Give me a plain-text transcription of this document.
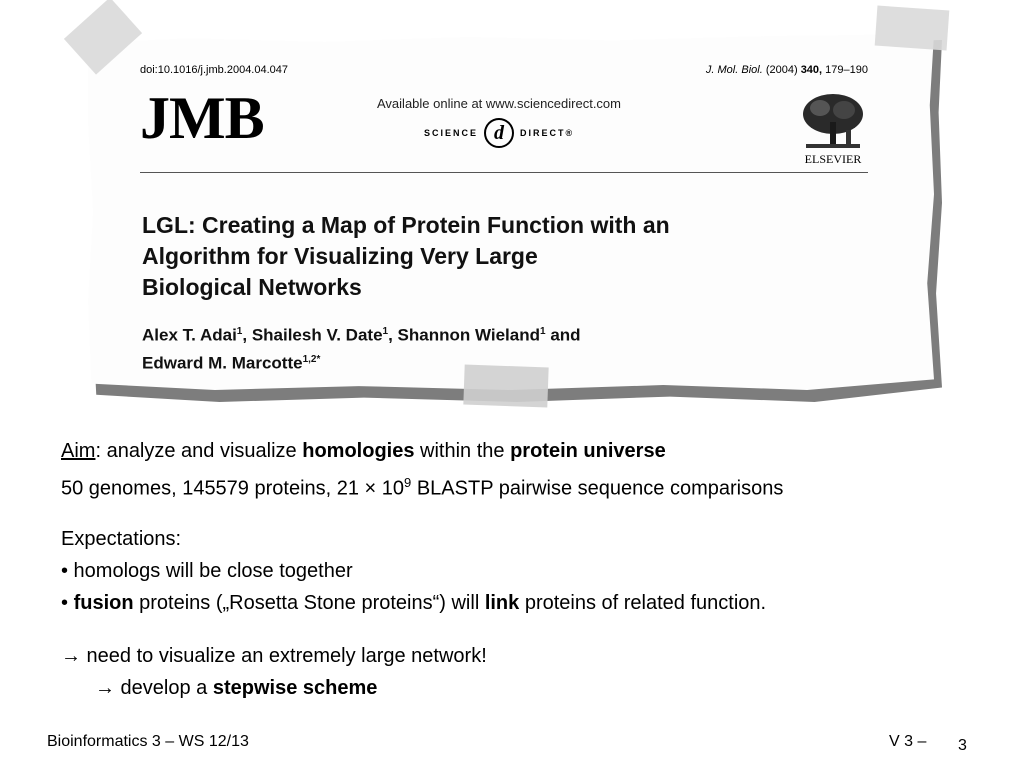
doi:10.1016/j.jmb.2004.04.047	J. Mol. Biol. (2004) 340, 179–190
JMB	Available online at www.sciencedirect.com
SCIENCE d	DIRECT®
ELSEVIER
LGL: Creating a Map of Protein Function with an
Algorithm for Visualizing Very Large
Biological Networks
Alex T. Adai$^1$, Shailesh V. Date$^1$, Shannon Wieland$^1$ and
Edward M. Marcotte$^{1,2*}$
Aim: analyze and visualize homologies within the protein universe
50 genomes, 145579 proteins, $21 \times 10^9$ BLASTP pairwise sequence comparisons
Expectations:
• homologs will be close together
• fusion proteins („Rosetta Stone proteins“) will link proteins of related function.
→ need to visualize an extremely large network!
→ develop a stepwise scheme
Bioinformatics 3 – WS 12/13	V 3 – 3
